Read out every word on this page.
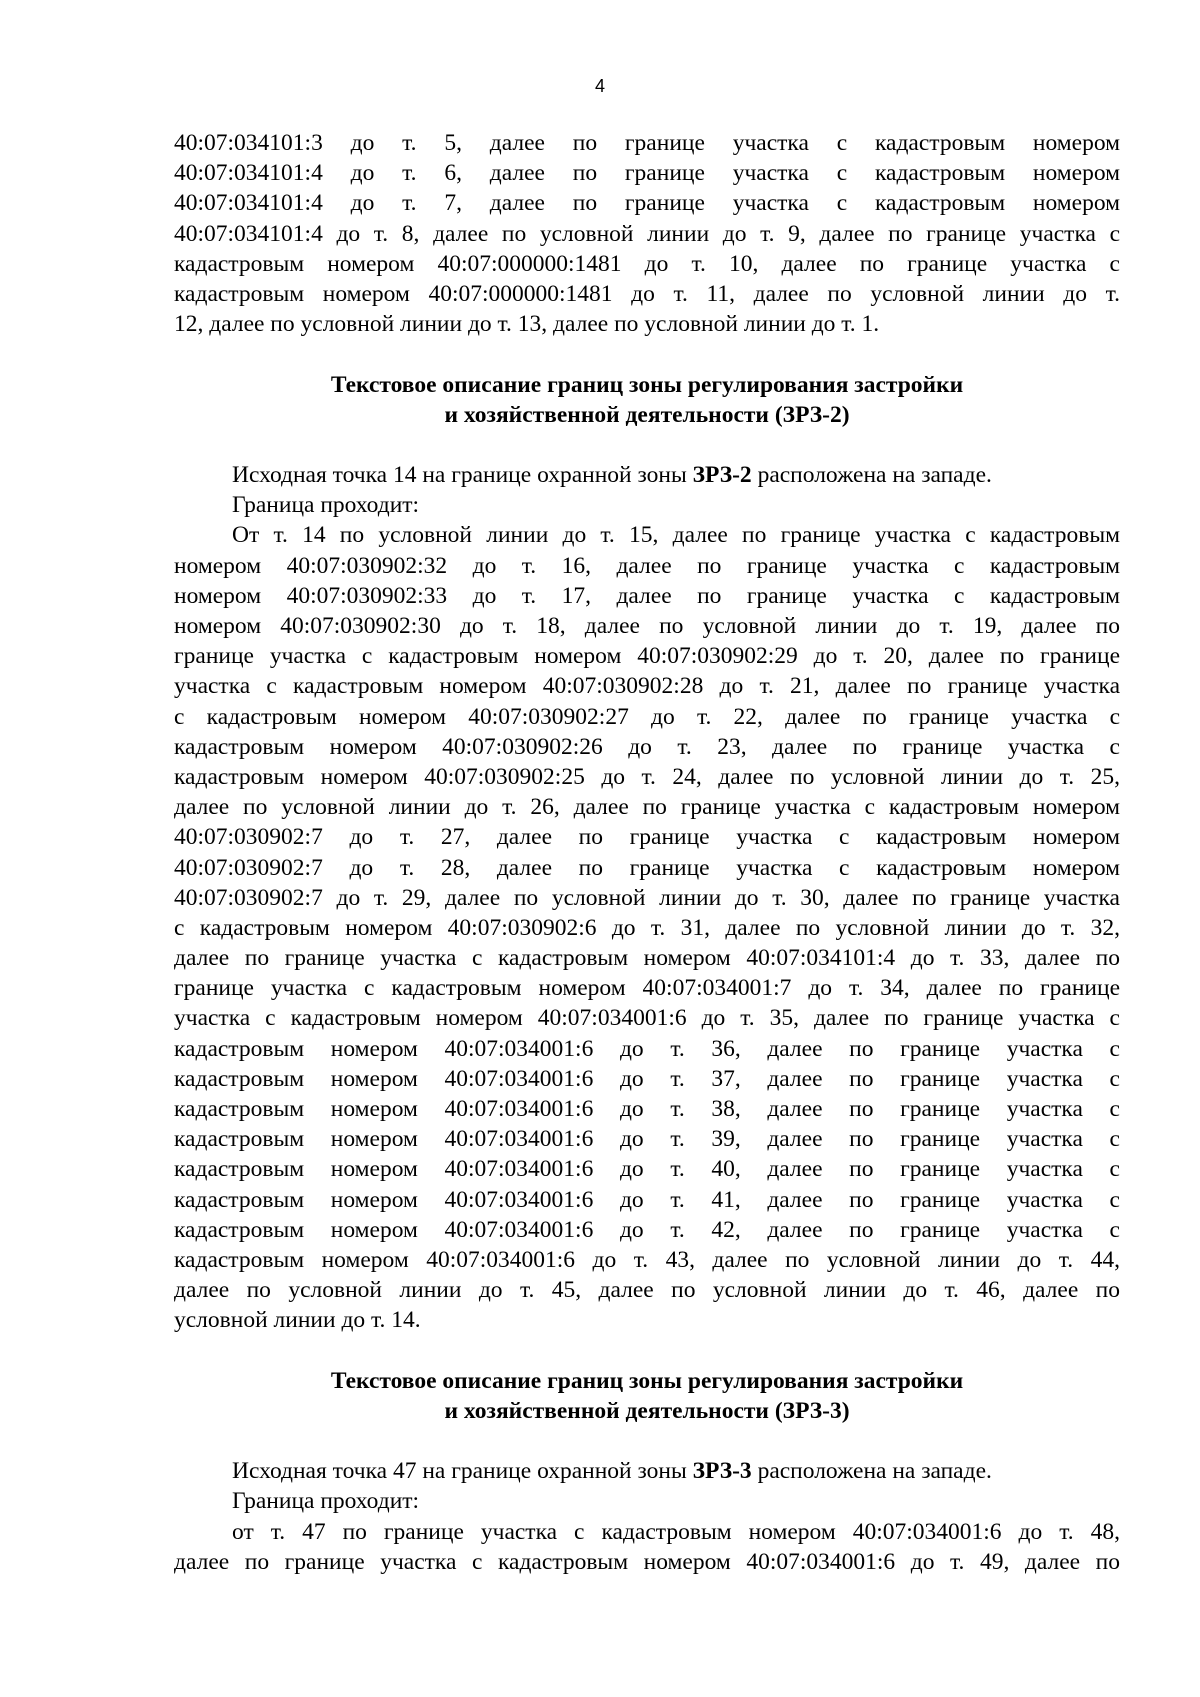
4
40:07:034101:3 до т. 5, далее по границе участка с кадастровым номером
40:07:034101:4 до т. 6, далее по границе участка с кадастровым номером
40:07:034101:4 до т. 7, далее по границе участка с кадастровым номером
40:07:034101:4 до т. 8, далее по условной линии до т. 9, далее по границе участка с
кадастровым номером 40:07:000000:1481 до т. 10, далее по границе участка с
кадастровым номером 40:07:000000:1481 до т. 11, далее по условной линии до т.
12, далее по условной линии до т. 13, далее по условной линии до т. 1.
Текстовое описание границ зоны регулирования застройки
и хозяйственной деятельности (ЗРЗ-2)
Исходная точка 14 на границе охранной зоны ЗРЗ-2 расположена на западе.
Граница проходит:
От т. 14 по условной линии до т. 15, далее по границе участка с кадастровым
номером 40:07:030902:32 до т. 16, далее по границе участка с кадастровым
номером 40:07:030902:33 до т. 17, далее по границе участка с кадастровым
номером 40:07:030902:30 до т. 18, далее по условной линии до т. 19, далее по
границе участка с кадастровым номером 40:07:030902:29 до т. 20, далее по границе
участка с кадастровым номером 40:07:030902:28 до т. 21, далее по границе участка
с кадастровым номером 40:07:030902:27 до т. 22, далее по границе участка с
кадастровым номером 40:07:030902:26 до т. 23, далее по границе участка с
кадастровым номером 40:07:030902:25 до т. 24, далее по условной линии до т. 25,
далее по условной линии до т. 26, далее по границе участка с кадастровым номером
40:07:030902:7 до т. 27, далее по границе участка с кадастровым номером
40:07:030902:7 до т. 28, далее по границе участка с кадастровым номером
40:07:030902:7 до т. 29, далее по условной линии до т. 30, далее по границе участка
с кадастровым номером 40:07:030902:6 до т. 31, далее по условной линии до т. 32,
далее по границе участка с кадастровым номером 40:07:034101:4 до т. 33, далее по
границе участка с кадастровым номером 40:07:034001:7 до т. 34, далее по границе
участка с кадастровым номером 40:07:034001:6 до т. 35, далее по границе участка с
кадастровым номером 40:07:034001:6 до т. 36, далее по границе участка с
кадастровым номером 40:07:034001:6 до т. 37, далее по границе участка с
кадастровым номером 40:07:034001:6 до т. 38, далее по границе участка с
кадастровым номером 40:07:034001:6 до т. 39, далее по границе участка с
кадастровым номером 40:07:034001:6 до т. 40, далее по границе участка с
кадастровым номером 40:07:034001:6 до т. 41, далее по границе участка с
кадастровым номером 40:07:034001:6 до т. 42, далее по границе участка с
кадастровым номером 40:07:034001:6 до т. 43, далее по условной линии до т. 44,
далее по условной линии до т. 45, далее по условной линии до т. 46, далее по
условной линии до т. 14.
Текстовое описание границ зоны регулирования застройки
и хозяйственной деятельности (ЗРЗ-3)
Исходная точка 47 на границе охранной зоны ЗРЗ-3 расположена на западе.
Граница проходит:
от т. 47 по границе участка с кадастровым номером 40:07:034001:6 до т. 48,
далее по границе участка с кадастровым номером 40:07:034001:6 до т. 49, далее по
